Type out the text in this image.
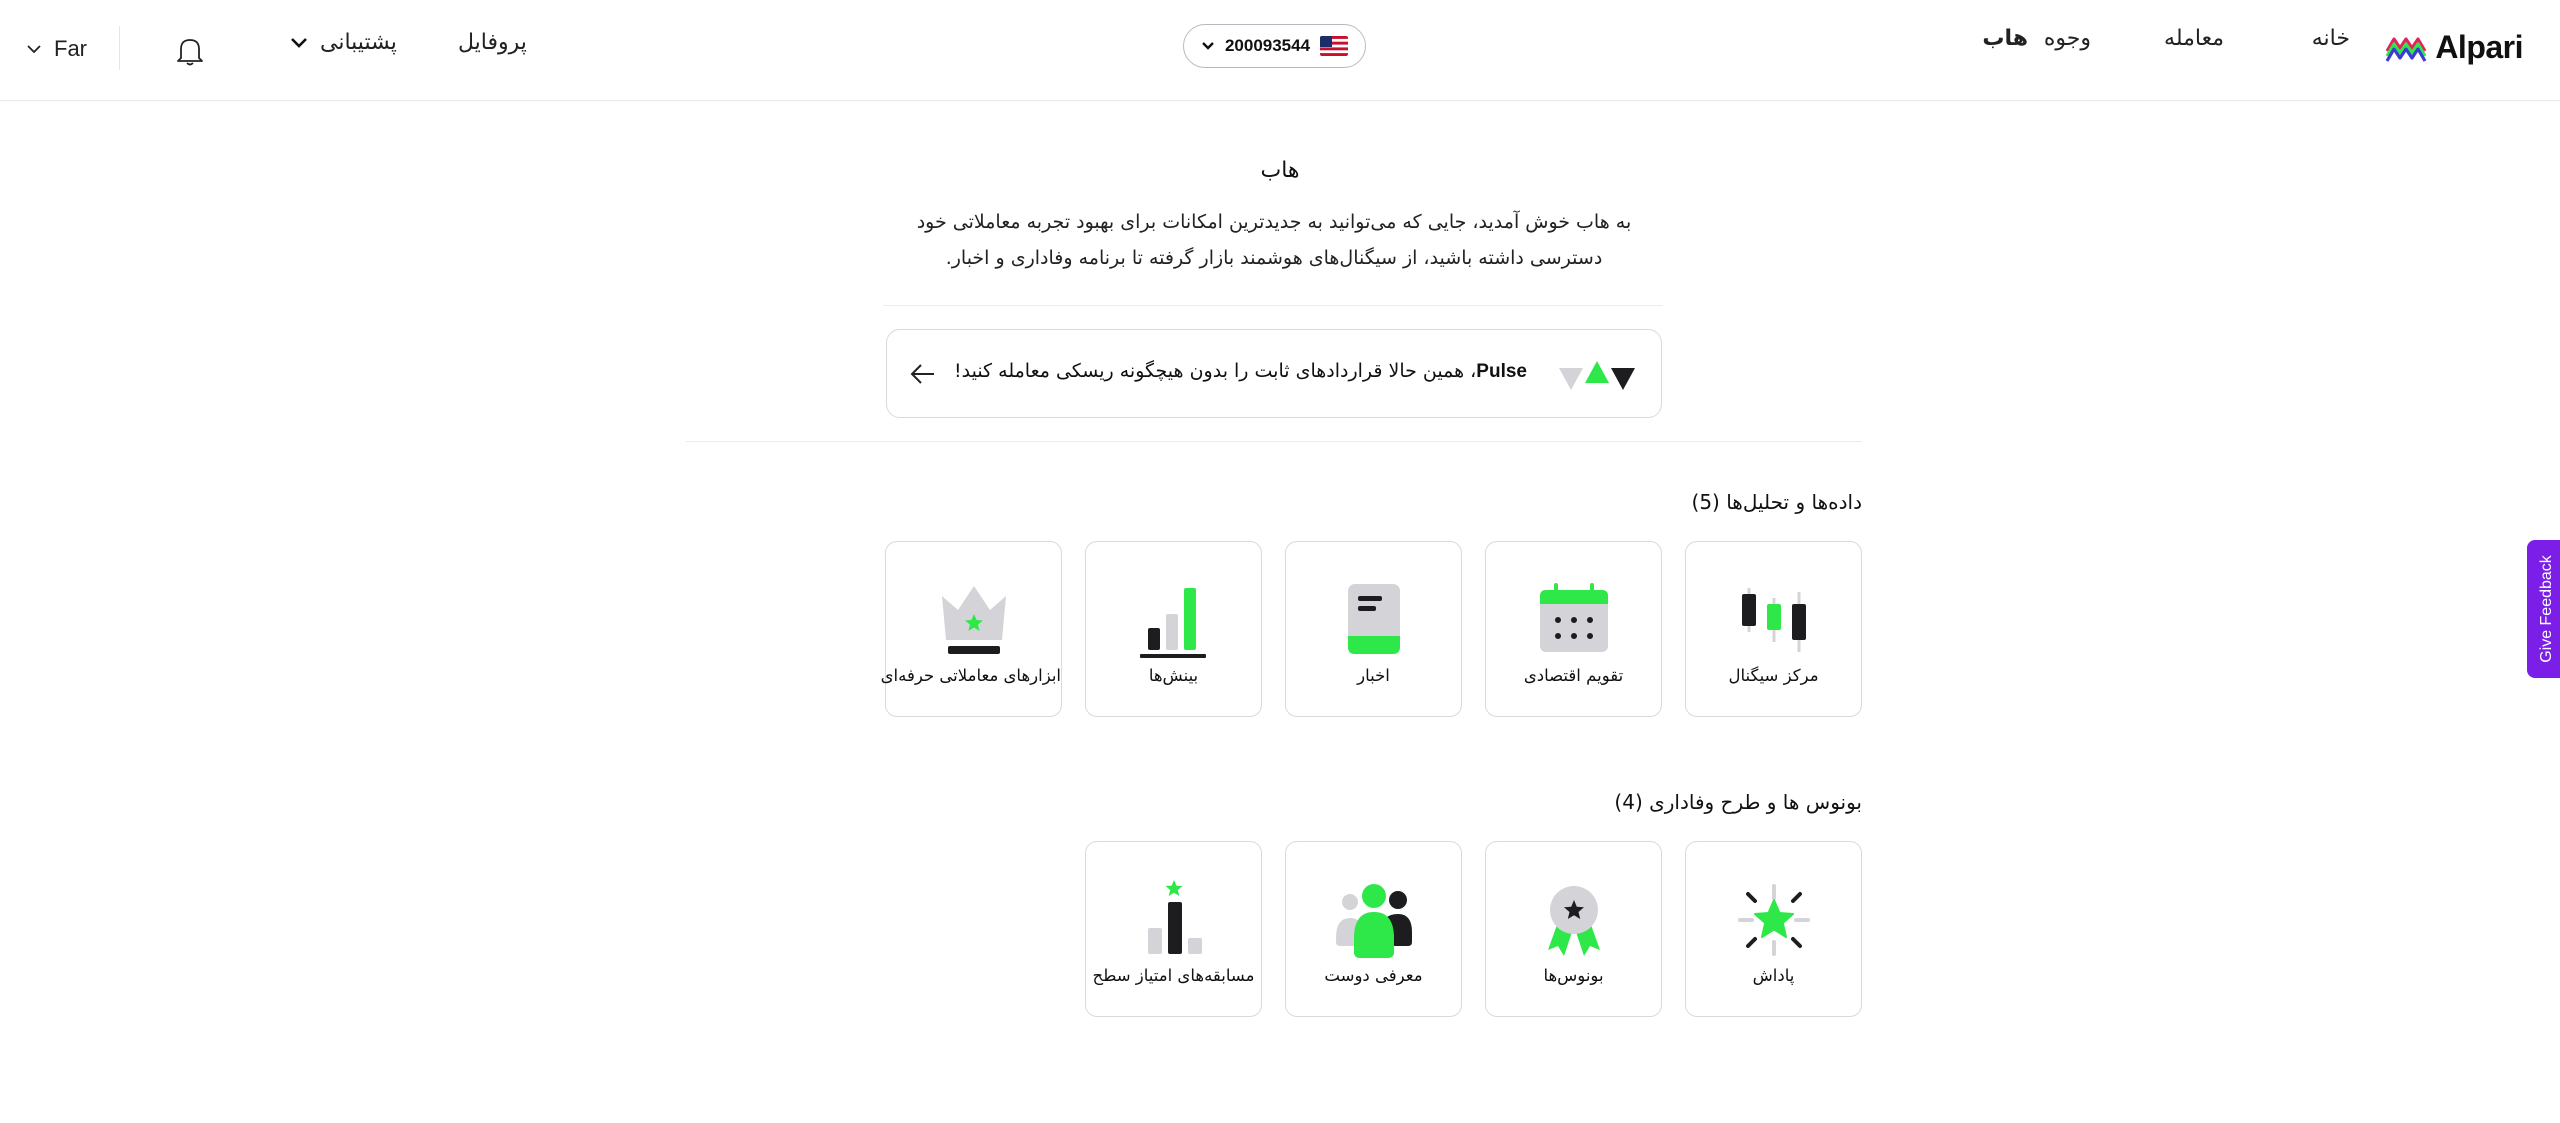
Alpari
خانه
معامله
وجوه
هاب
200093544
پروفایل
پشتیبانی
Far
هاب
به هاب خوش آمدید، جایی که می‌توانید به جدیدترین امکانات برای بهبود تجربه معاملاتی خود
دسترسی داشته باشید، از سیگنال‌های هوشمند بازار گرفته تا برنامه وفاداری و اخبار.
Pulse، همین حالا قراردادهای ثابت را بدون هیچگونه ریسکی معامله کنید!
داده‌ها و تحلیل‌ها (5)
مرکز سیگنال
تقویم اقتصادی
اخبار
بینش‌ها
ابزارهای معاملاتی حرفه‌ای
بونوس ها و طرح وفاداری (4)
پاداش
بونوس‌ها
معرفی دوست
مسابقه‌های امتیاز سطح
Give Feedback
